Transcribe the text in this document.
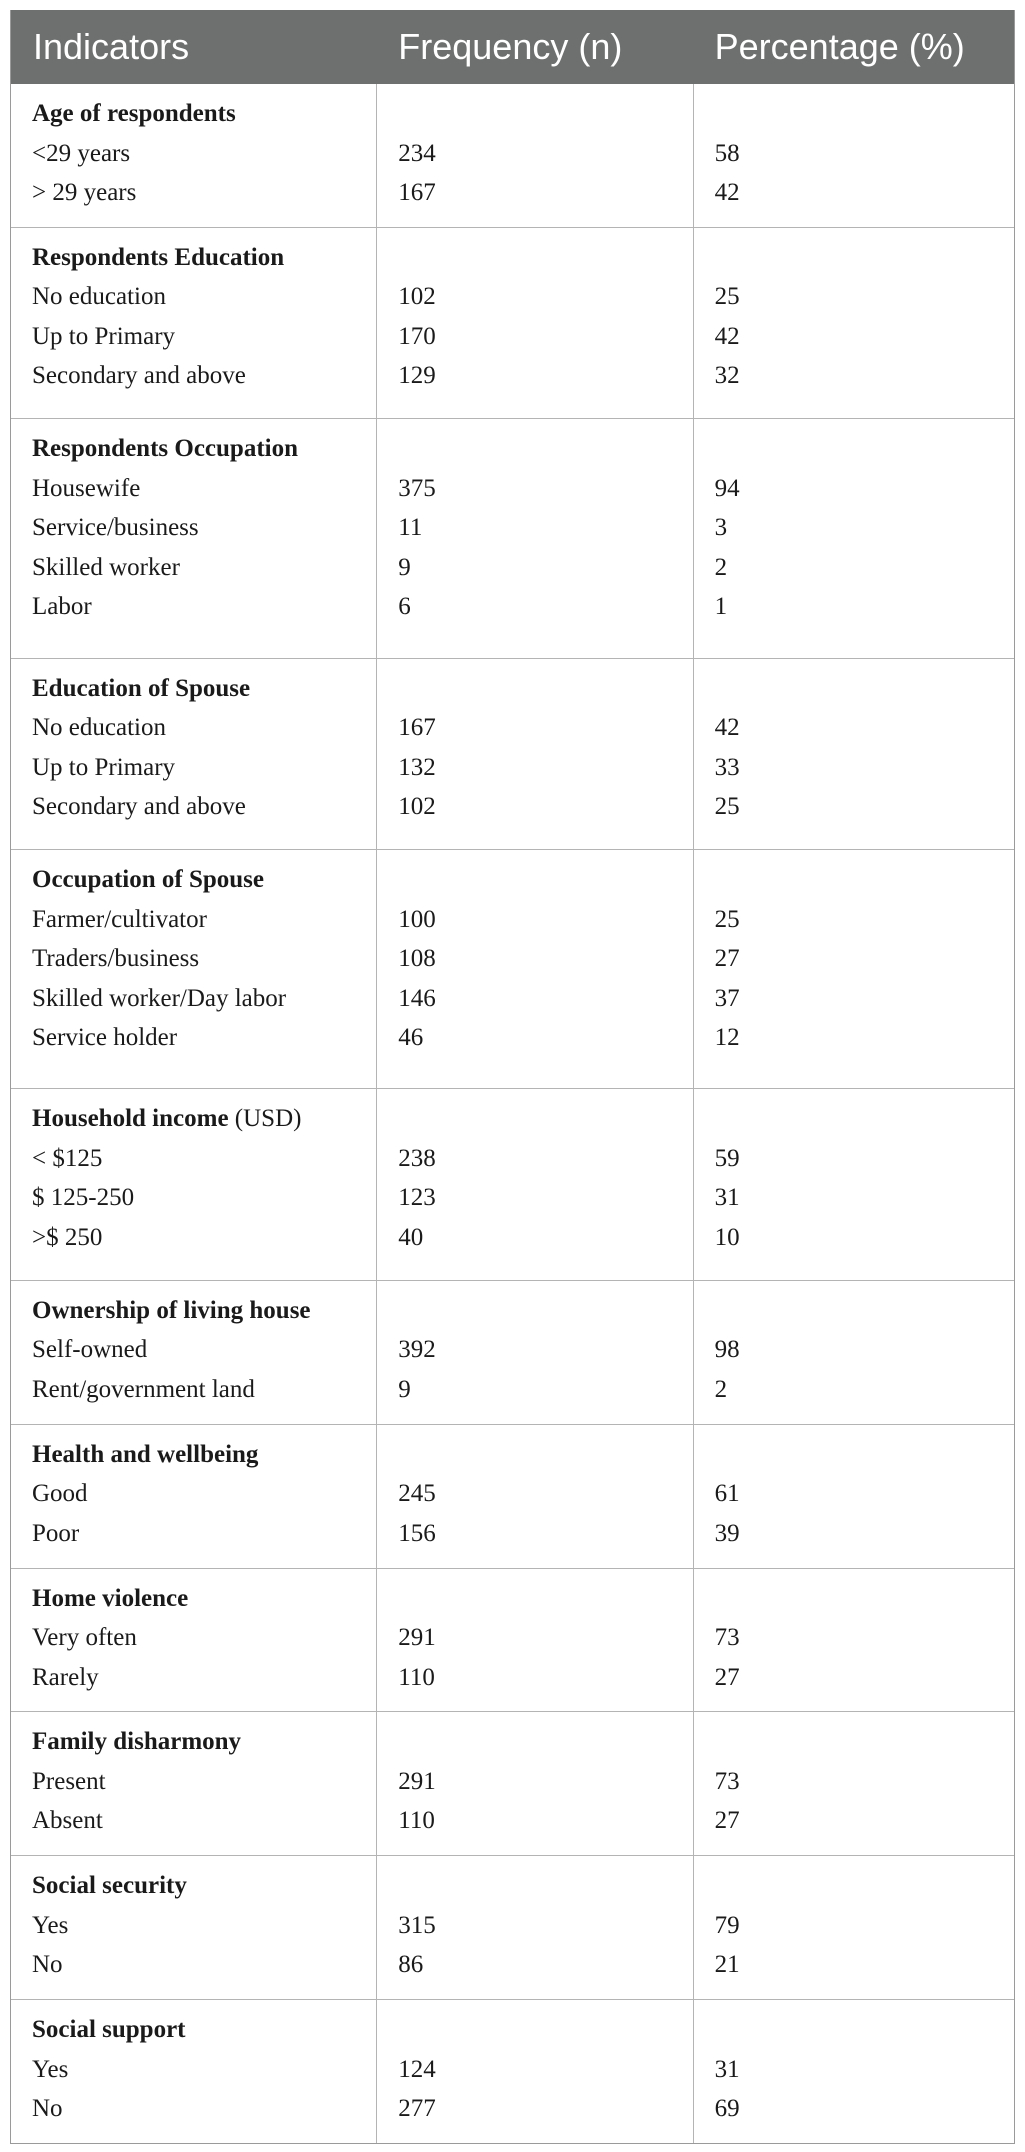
Indicators	Frequency (n)	Percentage (%)
Age of respondents
<29 years
> 29 years
234
167
58
42
Respondents Education
No education
Up to Primary
Secondary and above
102
170
129
25
42
32
Respondents Occupation
Housewife
Service/business
Skilled worker
Labor
375
11
9
6
94
3
2
1
Education of Spouse
No education
Up to Primary
Secondary and above
167
132
102
42
33
25
Occupation of Spouse
Farmer/cultivator
Traders/business
Skilled worker/Day labor
Service holder
100
108
146
46
25
27
37
12
Household income (USD)
< $125
$ 125-250
>$ 250
238
123
40
59
31
10
Ownership of living house
Self-owned
Rent/government land
392
9
98
2
Health and wellbeing
Good
Poor
245
156
61
39
Home violence
Very often
Rarely
291
110
73
27
Family disharmony
Present
Absent
291
110
73
27
Social security
Yes
No
315
86
79
21
Social support
Yes
No
124
277
31
69
